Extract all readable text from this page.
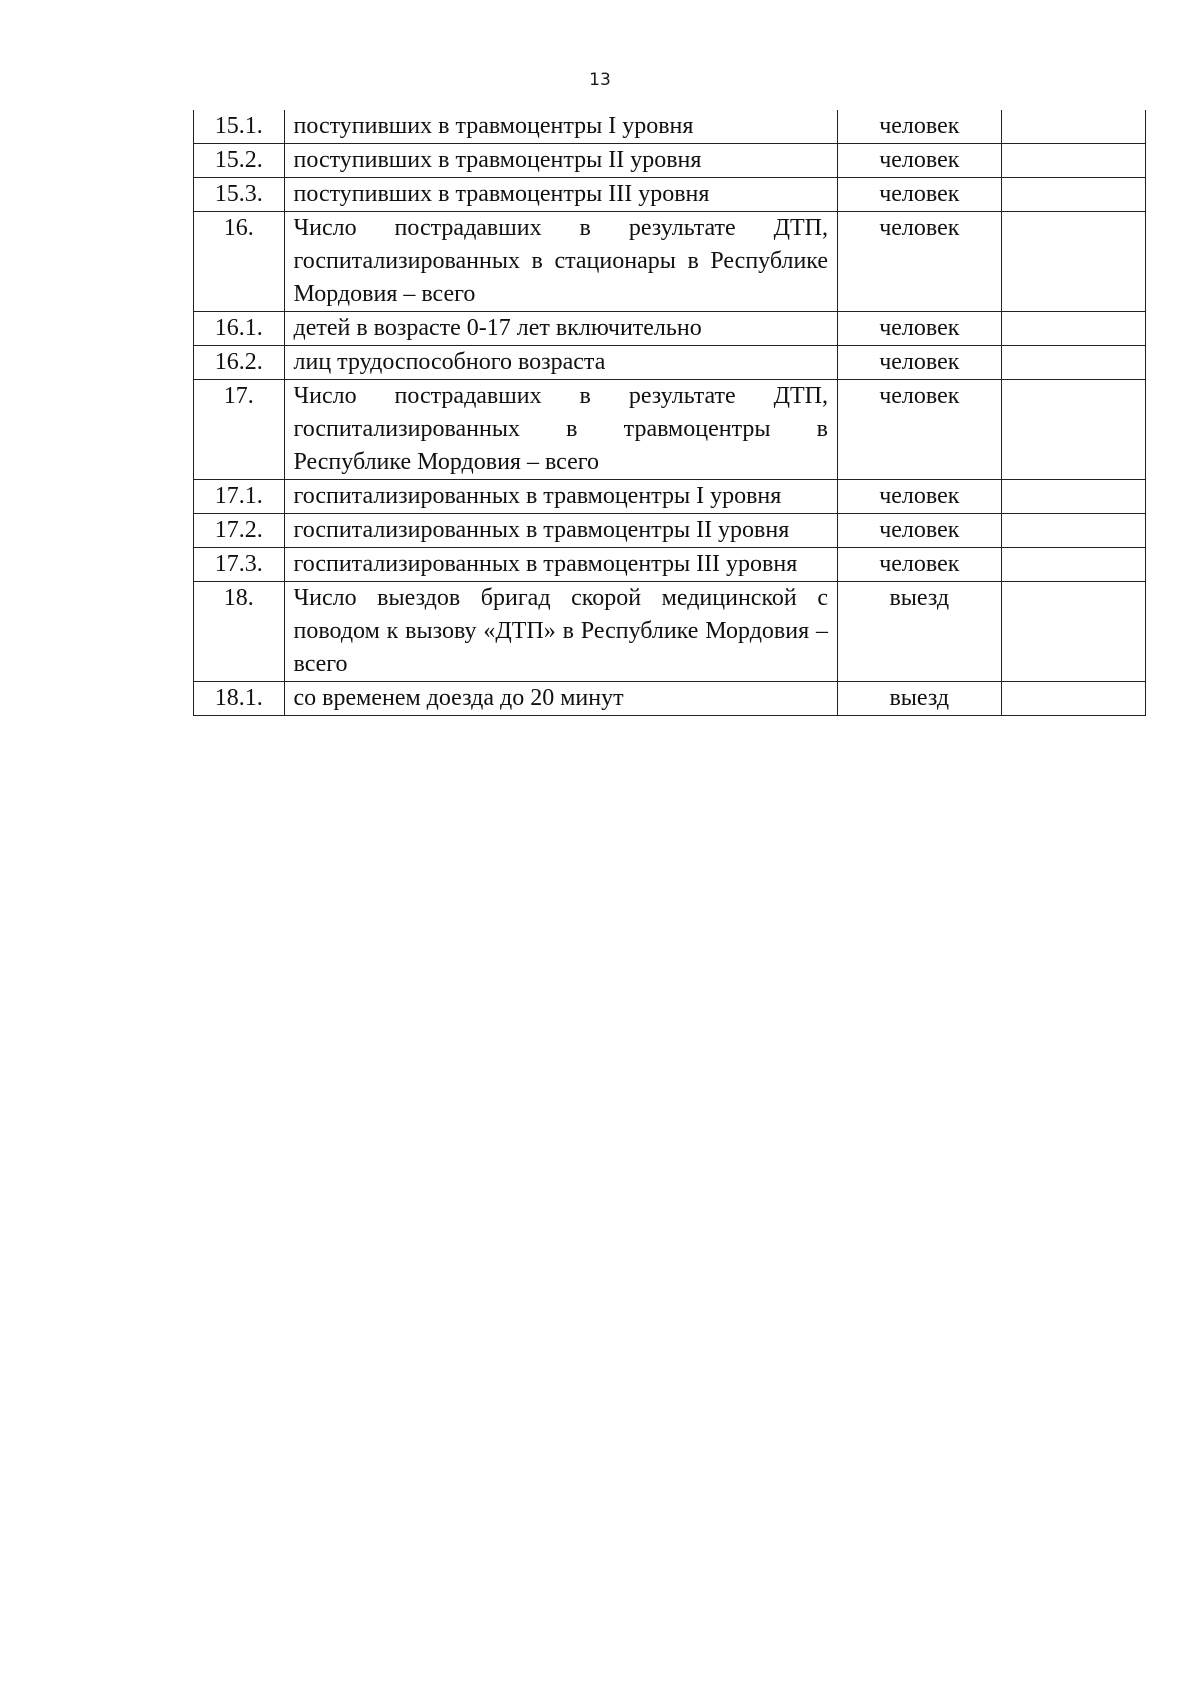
13
15.1.	поступивших в травмоцентры I уровня	человек	
15.2.	поступивших в травмоцентры II уровня	человек	
15.3.	поступивших в травмоцентры III уровня	человек	
16.	Число пострадавших в результате ДТП, госпитализированных в стационары в Республике Мордовия – всего	человек	
16.1.	детей в возрасте 0-17 лет включительно	человек	
16.2.	лиц трудоспособного возраста	человек	
17.	Число пострадавших в результате ДТП, госпитализированных в травмоцентры в Республике Мордовия – всего	человек	
17.1.	госпитализированных в травмоцентры I уровня	человек	
17.2.	госпитализированных в травмоцентры II уровня	человек	
17.3.	госпитализированных в травмоцентры III уровня	человек	
18.	Число выездов бригад скорой медицинской с поводом к вызову «ДТП» в Республике Мордовия – всего	выезд	
18.1.	со временем доезда до 20 минут	выезд	
